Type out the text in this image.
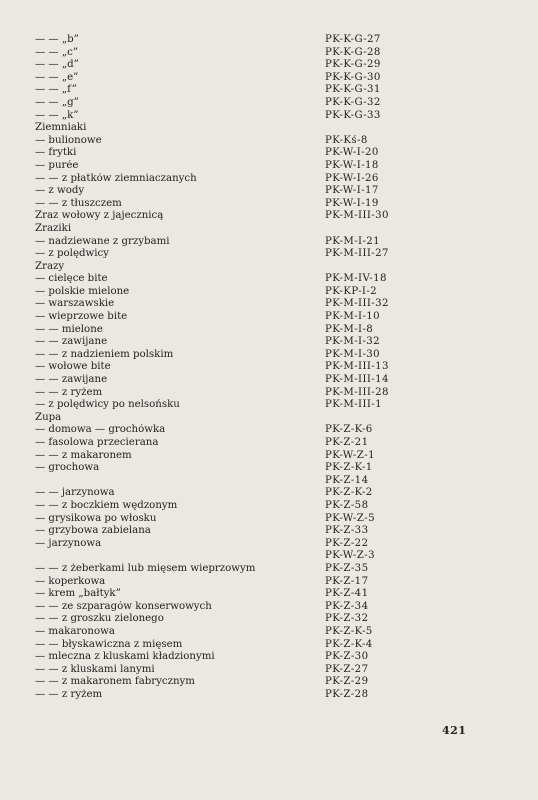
— — „b”
— — „c”
— — „d”
— — „e”
— — „f”
— — „g”
— — „k”
Ziemniaki
— bulionowe
— frytki
— purée
— — z płatków ziemniaczanych
— z wody
— — z tłuszczem
Zraz wołowy z jajecznicą
Zraziki
— nadziewane z grzybami
— z polędwicy
Zrazy
— cielęce bite
— polskie mielone
— warszawskie
— wieprzowe bite
— — mielone
— — zawijane
— — z nadzieniem polskim
— wołowe bite
— — zawijane
— — z ryżem
— z polędwicy po nelsońsku
Zupa
— domowa — grochówka
— fasolowa przecierana
— — z makaronem
— grochowa
— — jarzynowa
— — z boczkiem wędzonym
— grysikowa po włosku
— grzybowa zabielana
— jarzynowa
— — z żeberkami lub mięsem wieprzowym
— koperkowa
— krem „bałtyk”
— — ze szparagów konserwowych
— — z groszku zielonego
— makaronowa
— — błyskawiczna z mięsem
— mleczna z kluskami kładzionymi
— — z kluskami lanymi
— — z makaronem fabrycznym
— — z ryżem
PK-K-G-27
PK-K-G-28
PK-K-G-29
PK-K-G-30
PK-K-G-31
PK-K-G-32
PK-K-G-33
PK-Kś-8
PK-W-I-20
PK-W-I-18
PK-W-I-26
PK-W-I-17
PK-W-I-19
PK-M-III-30
PK-M-I-21
PK-M-III-27
PK-M-IV-18
PK-KP-I-2
PK-M-III-32
PK-M-I-10
PK-M-I-8
PK-M-I-32
PK-M-I-30
PK-M-III-13
PK-M-III-14
PK-M-III-28
PK-M-III-1
PK-Z-K-6
PK-Z-21
PK-W-Z-1
PK-Z-K-1
PK-Z-14
PK-Z-K-2
PK-Z-58
PK-W-Z-5
PK-Z-33
PK-Z-22
PK-W-Z-3
PK-Z-35
PK-Z-17
PK-Z-41
PK-Z-34
PK-Z-32
PK-Z-K-5
PK-Z-K-4
PK-Z-30
PK-Z-27
PK-Z-29
PK-Z-28
421
